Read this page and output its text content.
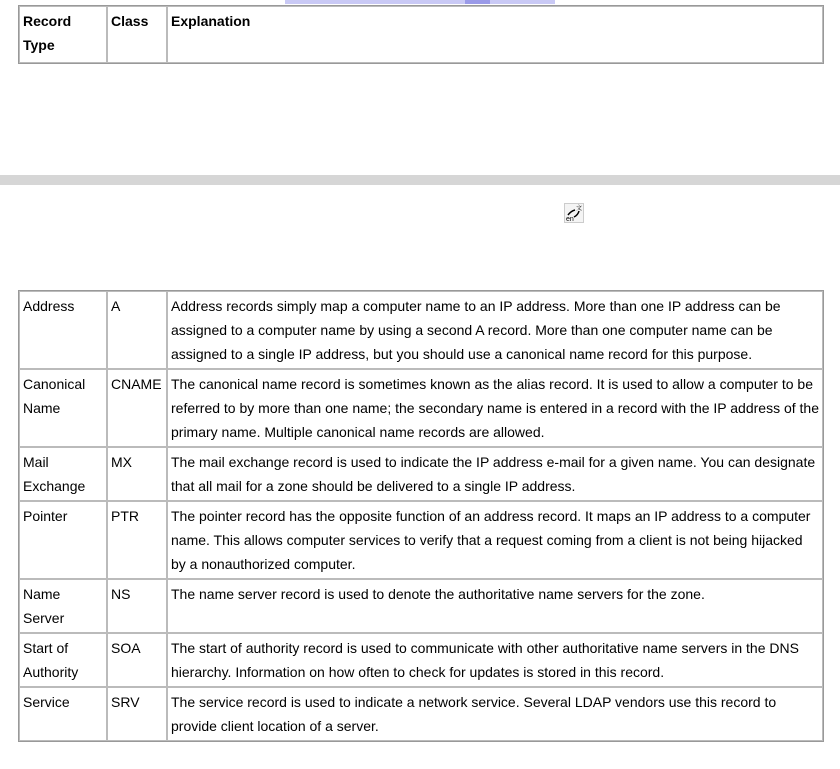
Record Type	Class	Explanation
en
文
Address	A	Address records simply map a computer name to an IP address. More than one IP address can be assigned to a computer name by using a second A record. More than one computer name can be assigned to a single IP address, but you should use a canonical name record for this purpose.
Canonical Name	CNAME	The canonical name record is sometimes known as the alias record. It is used to allow a computer to be referred to by more than one name; the secondary name is entered in a record with the IP address of the primary name. Multiple canonical name records are allowed.
Mail Exchange	MX	The mail exchange record is used to indicate the IP address e-mail for a given name. You can designate that all mail for a zone should be delivered to a single IP address.
Pointer	PTR	The pointer record has the opposite function of an address record. It maps an IP address to a computer name. This allows computer services to verify that a request coming from a client is not being hijacked by a nonauthorized computer.
Name Server	NS	The name server record is used to denote the authoritative name servers for the zone.
Start of Authority	SOA	The start of authority record is used to communicate with other authoritative name servers in the DNS hierarchy. Information on how often to check for updates is stored in this record.
Service	SRV	The service record is used to indicate a network service. Several LDAP vendors use this record to provide client location of a server.
